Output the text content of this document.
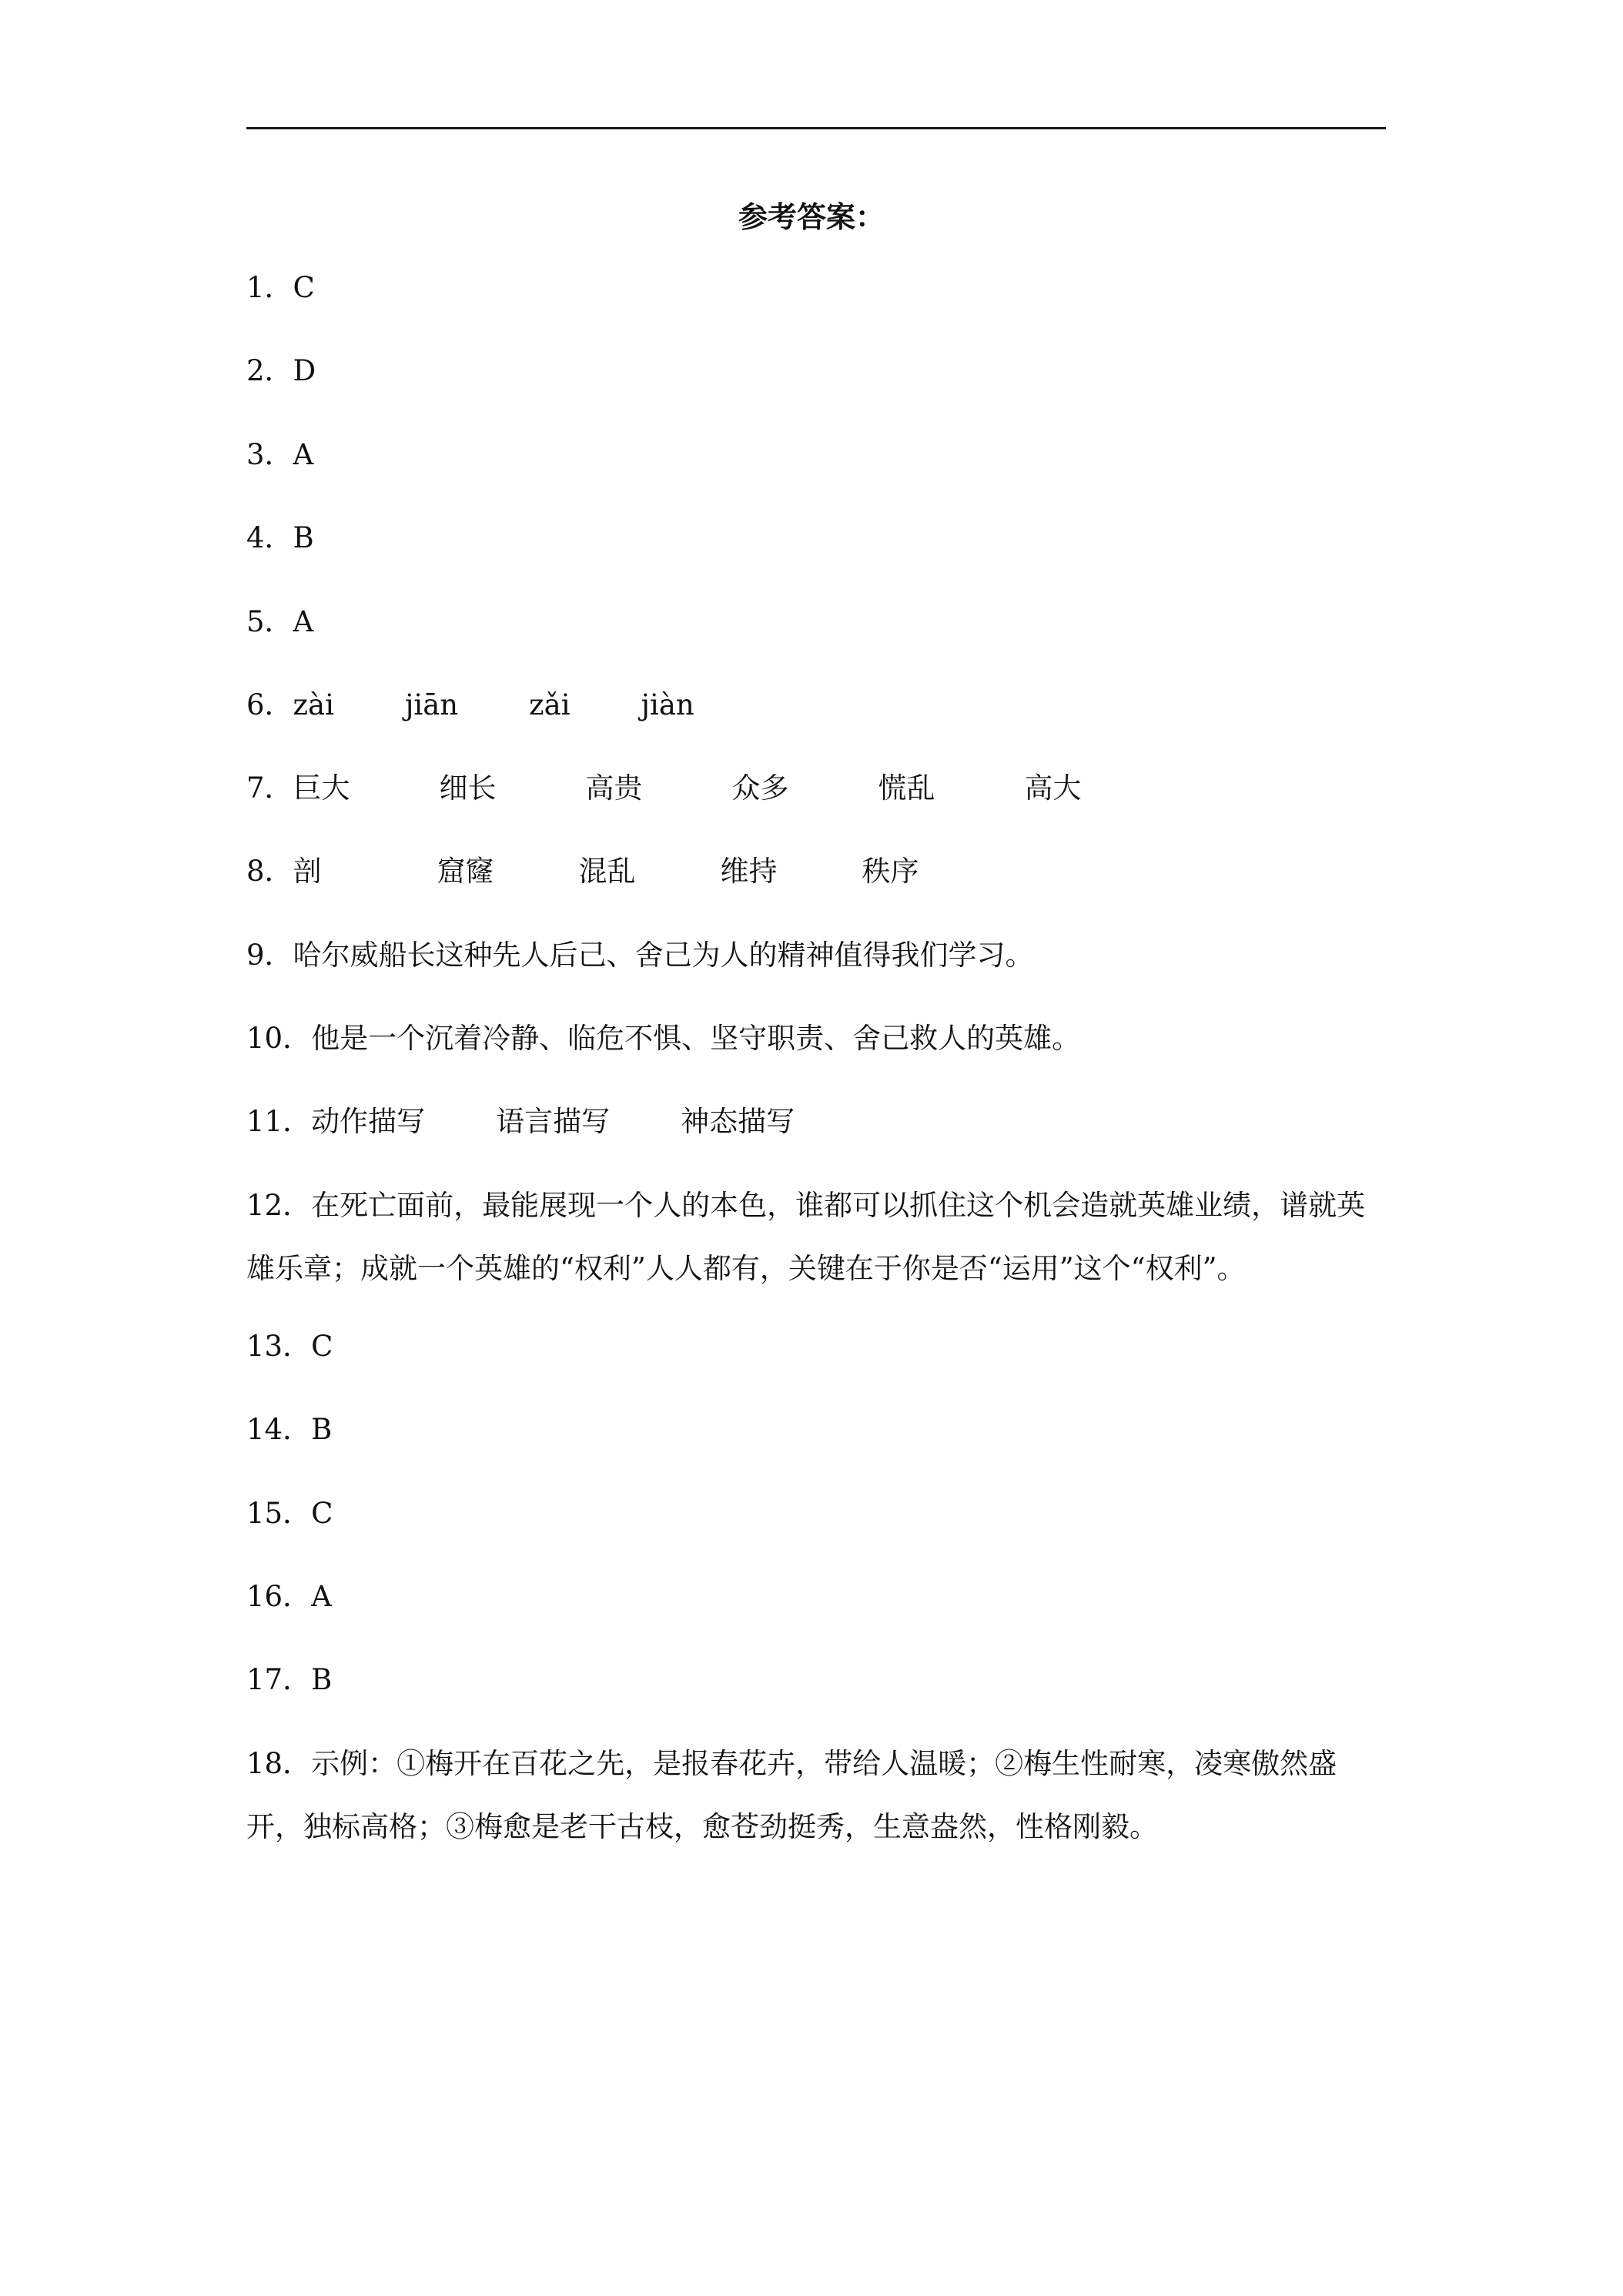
参考答案：
1．C
2．D
3．A
4．B
5．A
6．zài jiān zǎi jiàn
7．巨大	细长	高贵	众多	慌乱	高大
8．剖	窟窿	混乱	维持	秩序
9．哈尔威船长这种先人后己、舍己为人的精神值得我们学习。
10．他是一个沉着冷静、临危不惧、坚守职责、舍己救人的英雄。
11．动作描写 语言描写 神态描写
12．在死亡面前，最能展现一个人的本色，谁都可以抓住这个机会造就英雄业绩，谱就英雄乐章；成就一个英雄的“权利”人人都有，关键在于你是否“运用”这个“权利”。
13．C
14．B
15．C
16．A
17．B
18．示例：①梅开在百花之先，是报春花卉，带给人温暖；②梅生性耐寒，凌寒傲然盛开，独标高格；③梅愈是老干古枝，愈苍劲挺秀，生意盎然，性格刚毅。
